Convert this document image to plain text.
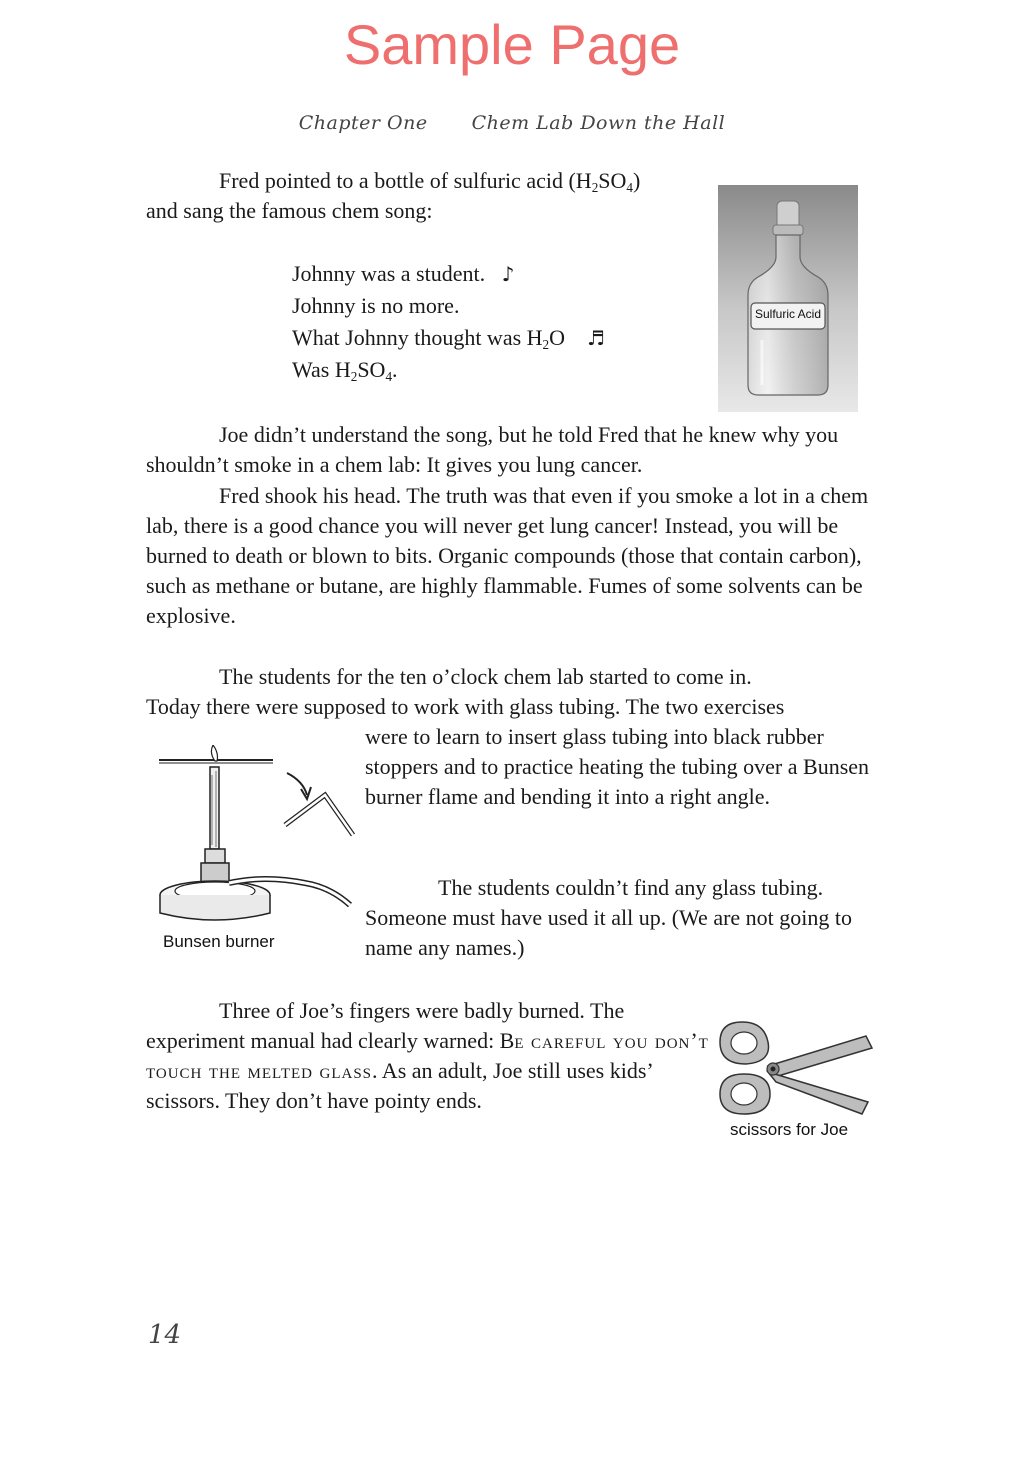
Sample Page
Chapter One Chem Lab Down the Hall

Fred pointed to a bottle of sulfuric acid $(H_2SO_4)$

and sang the famous chem song:

Johnny was a student. ♪
Johnny is no more.
What Johnny thought was $H_2O$ ♬
Was $H_2SO_4$.
Sulfuric Acid

Joe didn’t understand the song, but he told Fred that he knew why you shouldn’t smoke in a chem lab: It gives you lung cancer.

Fred shook his head. The truth was that even if you smoke a lot in a chem lab, there is a good chance you will never get lung cancer! Instead, you will be burned to death or blown to bits. Organic compounds (those that contain carbon), such as methane or butane, are highly flammable. Fumes of some solvents can be explosive.

The students for the ten o’clock chem lab started to come in.

Today there were supposed to work with glass tubing. The two exercises

were to learn to insert glass tubing into black rubber stoppers and to practice heating the tubing over a Bunsen burner flame and bending it into a right angle.

Bunsen burner

The students couldn’t find any glass tubing. Someone must have used it all up. (We are not going to name any names.)

Three of Joe’s fingers were badly burned. The experiment manual had clearly warned: Be careful you don’t touch the melted glass. As an adult, Joe still uses kids’ scissors. They don’t have pointy ends.

scissors for Joe
14
